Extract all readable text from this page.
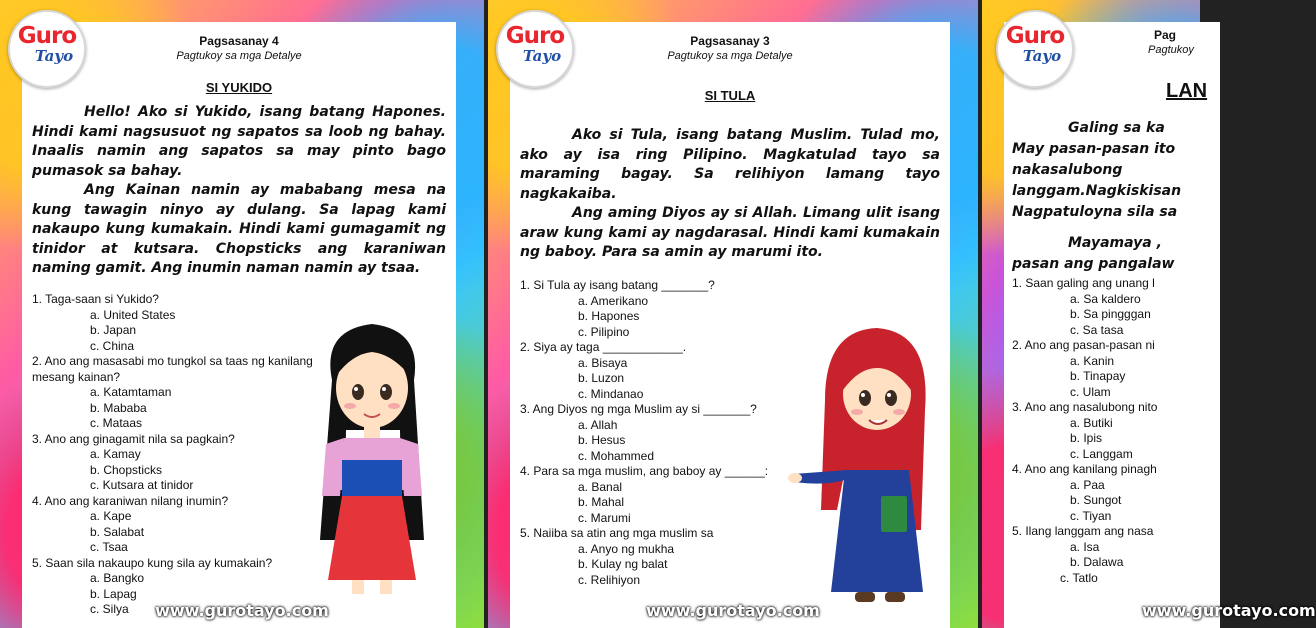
Pagsasanay 4
Pagtukoy sa mga Detalye
SI YUKIDO

Hello! Ako si Yukido, isang batang Hapones. Hindi kami nagsusuot ng sapatos sa loob ng bahay. Inaalis namin ang sapatos sa may pinto bago pumasok sa bahay.

Ang Kainan namin ay mababang mesa na kung tawagin ninyo ay dulang. Sa lapag kami nakaupo kung kumakain. Hindi kami gumagamit ng tinidor at kutsara. Chopsticks ang karaniwan naming gamit. Ang inumin naman namin ay tsaa.

1. Taga-saan si Yukido?
a. United States
b. Japan
c. China
2. Ano ang masasabi mo tungkol sa taas ng kanilang mesang kainan?
a. Katamtaman
b. Mababa
c. Mataas
3. Ano ang ginagamit nila sa pagkain?
a. Kamay
b. Chopsticks
c. Kutsara at tinidor
4. Ano ang karaniwan nilang inumin?
a. Kape
b. Salabat
c. Tsaa
5. Saan sila nakaupo kung sila ay kumakain?
a. Bangko
b. Lapag
c. Silya
Guro
Tayo
www.gurotayo.com
Pagsasanay 3
Pagtukoy sa mga Detalye
SI TULA

Ako si Tula, isang batang Muslim. Tulad mo, ako ay isa ring Pilipino. Magkatulad tayo sa maraming bagay. Sa relihiyon lamang tayo nagkakaiba.

Ang aming Diyos ay si Allah. Limang ulit isang araw kung kami ay nagdarasal. Hindi kami kumakain ng baboy. Para sa amin ay marumi ito.

1. Si Tula ay isang batang _______?
a. Amerikano
b. Hapones
c. Pilipino
2. Siya ay taga ____________.
a. Bisaya
b. Luzon
c. Mindanao
3. Ang Diyos ng mga Muslim ay si _______?
a. Allah
b. Hesus
c. Mohammed
4. Para sa mga muslim, ang baboy ay ______:
a. Banal
b. Mahal
c. Marumi
5. Naiiba sa atin ang mga muslim sa
a. Anyo ng mukha
b. Kulay ng balat
c. Relihiyon
Guro
Tayo
www.gurotayo.com
Pag
Pagtukoy
LAN
Galing sa ka
May pasan-pasan ito
nakasalubong
langgam.Nagkiskisan
Nagpatuloyna sila sa
Mayamaya ,
pasan ang pangalaw
1. Saan galing ang unang l
a. Sa kaldero
b. Sa pingggan
c. Sa tasa
2. Ano ang pasan-pasan ni
a. Kanin
b. Tinapay
c. Ulam
3. Ano ang nasalubong nito
a. Butiki
b. Ipis
c. Langgam
4. Ano ang kanilang pinagh
a. Paa
b. Sungot
c. Tiyan
5. Ilang langgam ang nasa
a. Isa
b. Dalawa
c. Tatlo
Guro
Tayo
www.gurotayo.com
